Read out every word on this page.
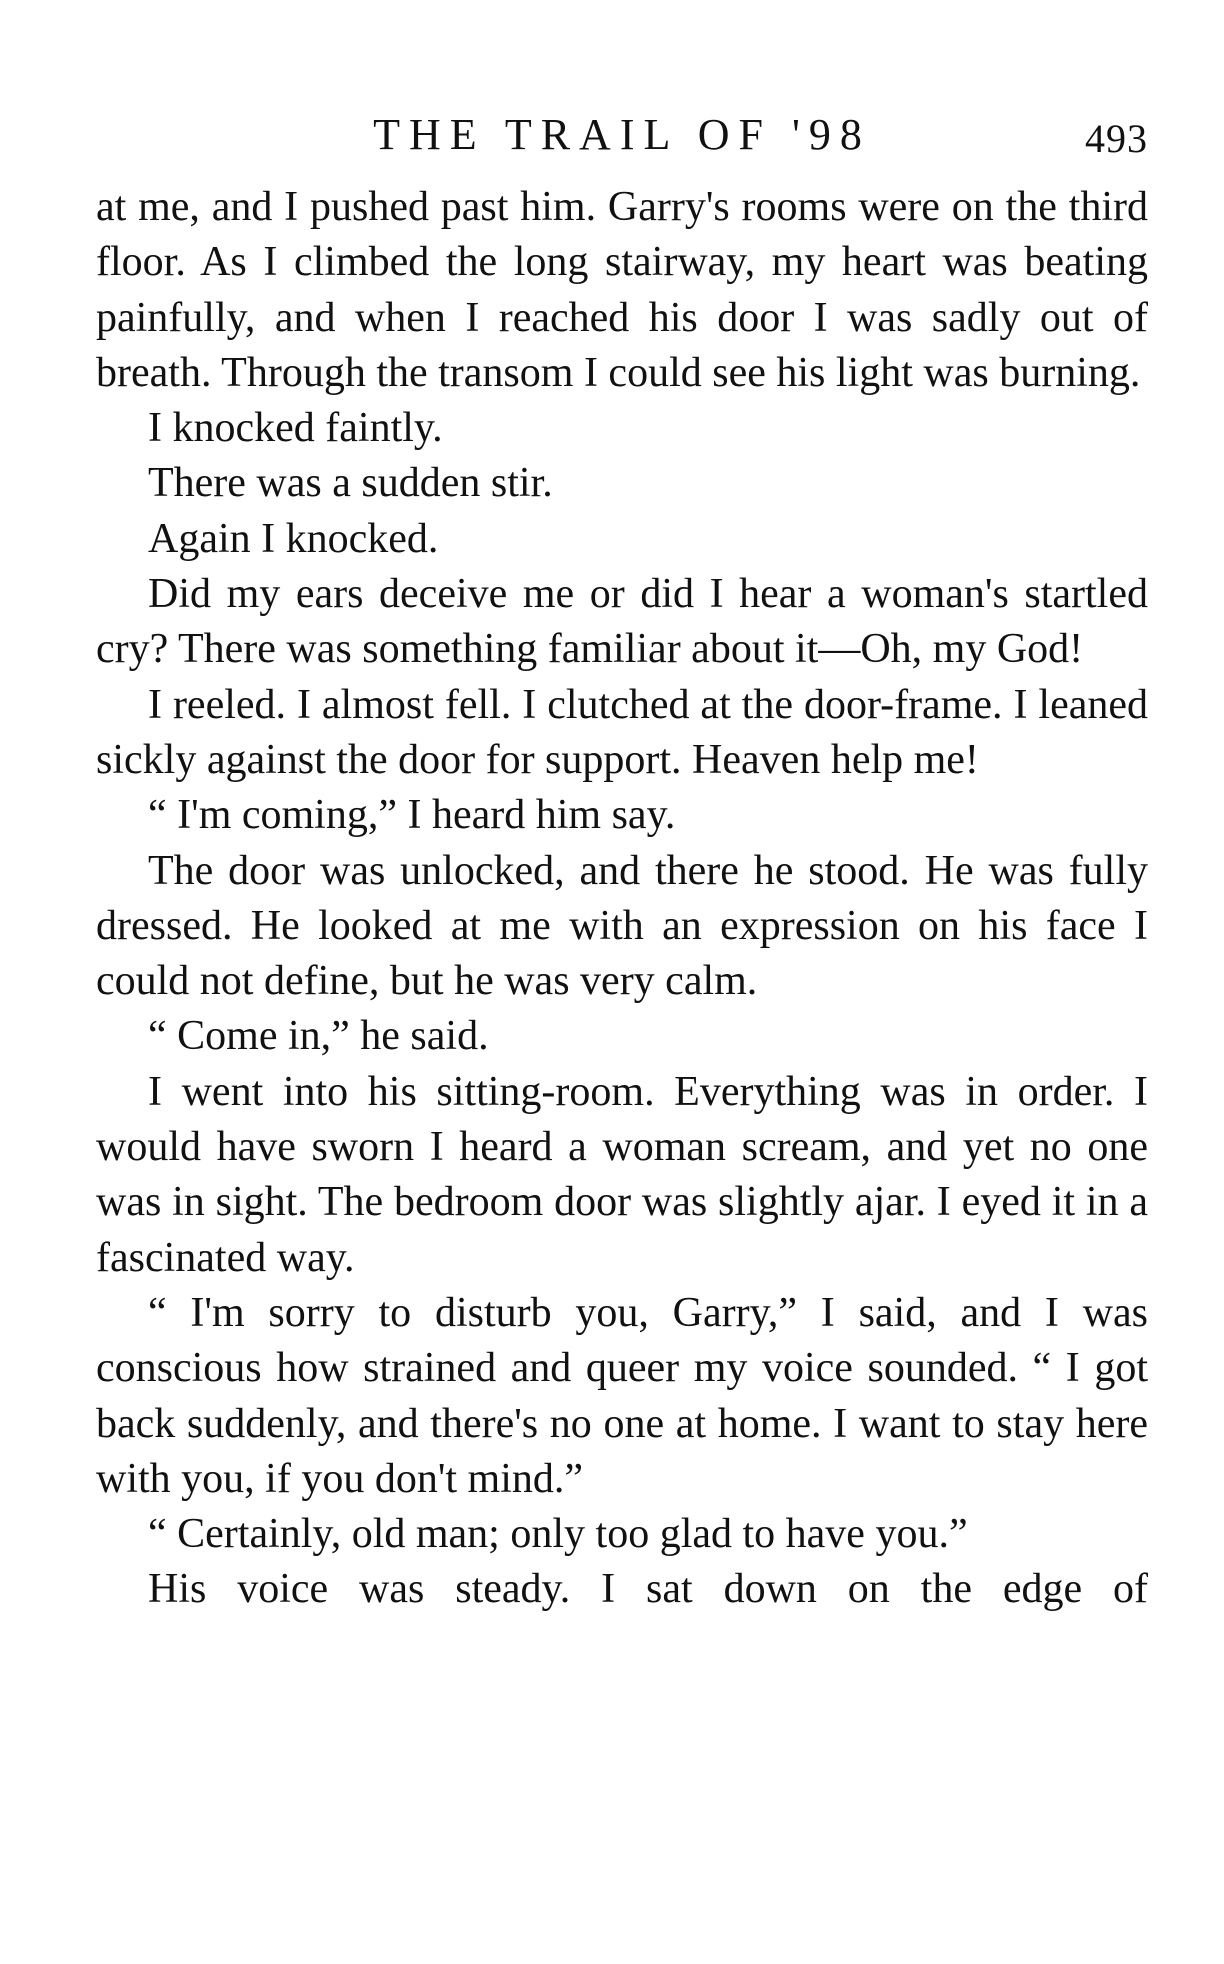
THE TRAIL OF '98	493

at me, and I pushed past him. Garry's rooms were on the third floor. As I climbed the long stairway, my heart was beating painfully, and when I reached his door I was sadly out of breath. Through the transom I could see his light was burning.

I knocked faintly.

There was a sudden stir.

Again I knocked.

Did my ears deceive me or did I hear a woman's startled cry? There was something familiar about it—Oh, my God!

I reeled. I almost fell. I clutched at the door-frame. I leaned sickly against the door for support. Heaven help me!

“ I'm coming,” I heard him say.

The door was unlocked, and there he stood. He was fully dressed. He looked at me with an expression on his face I could not define, but he was very calm.

“ Come in,” he said.

I went into his sitting-room. Everything was in order. I would have sworn I heard a woman scream, and yet no one was in sight. The bedroom door was slightly ajar. I eyed it in a fascinated way.

“ I'm sorry to disturb you, Garry,” I said, and I was conscious how strained and queer my voice sounded. “ I got back suddenly, and there's no one at home. I want to stay here with you, if you don't mind.”

“ Certainly, old man; only too glad to have you.”

His voice was steady. I sat down on the edge of
